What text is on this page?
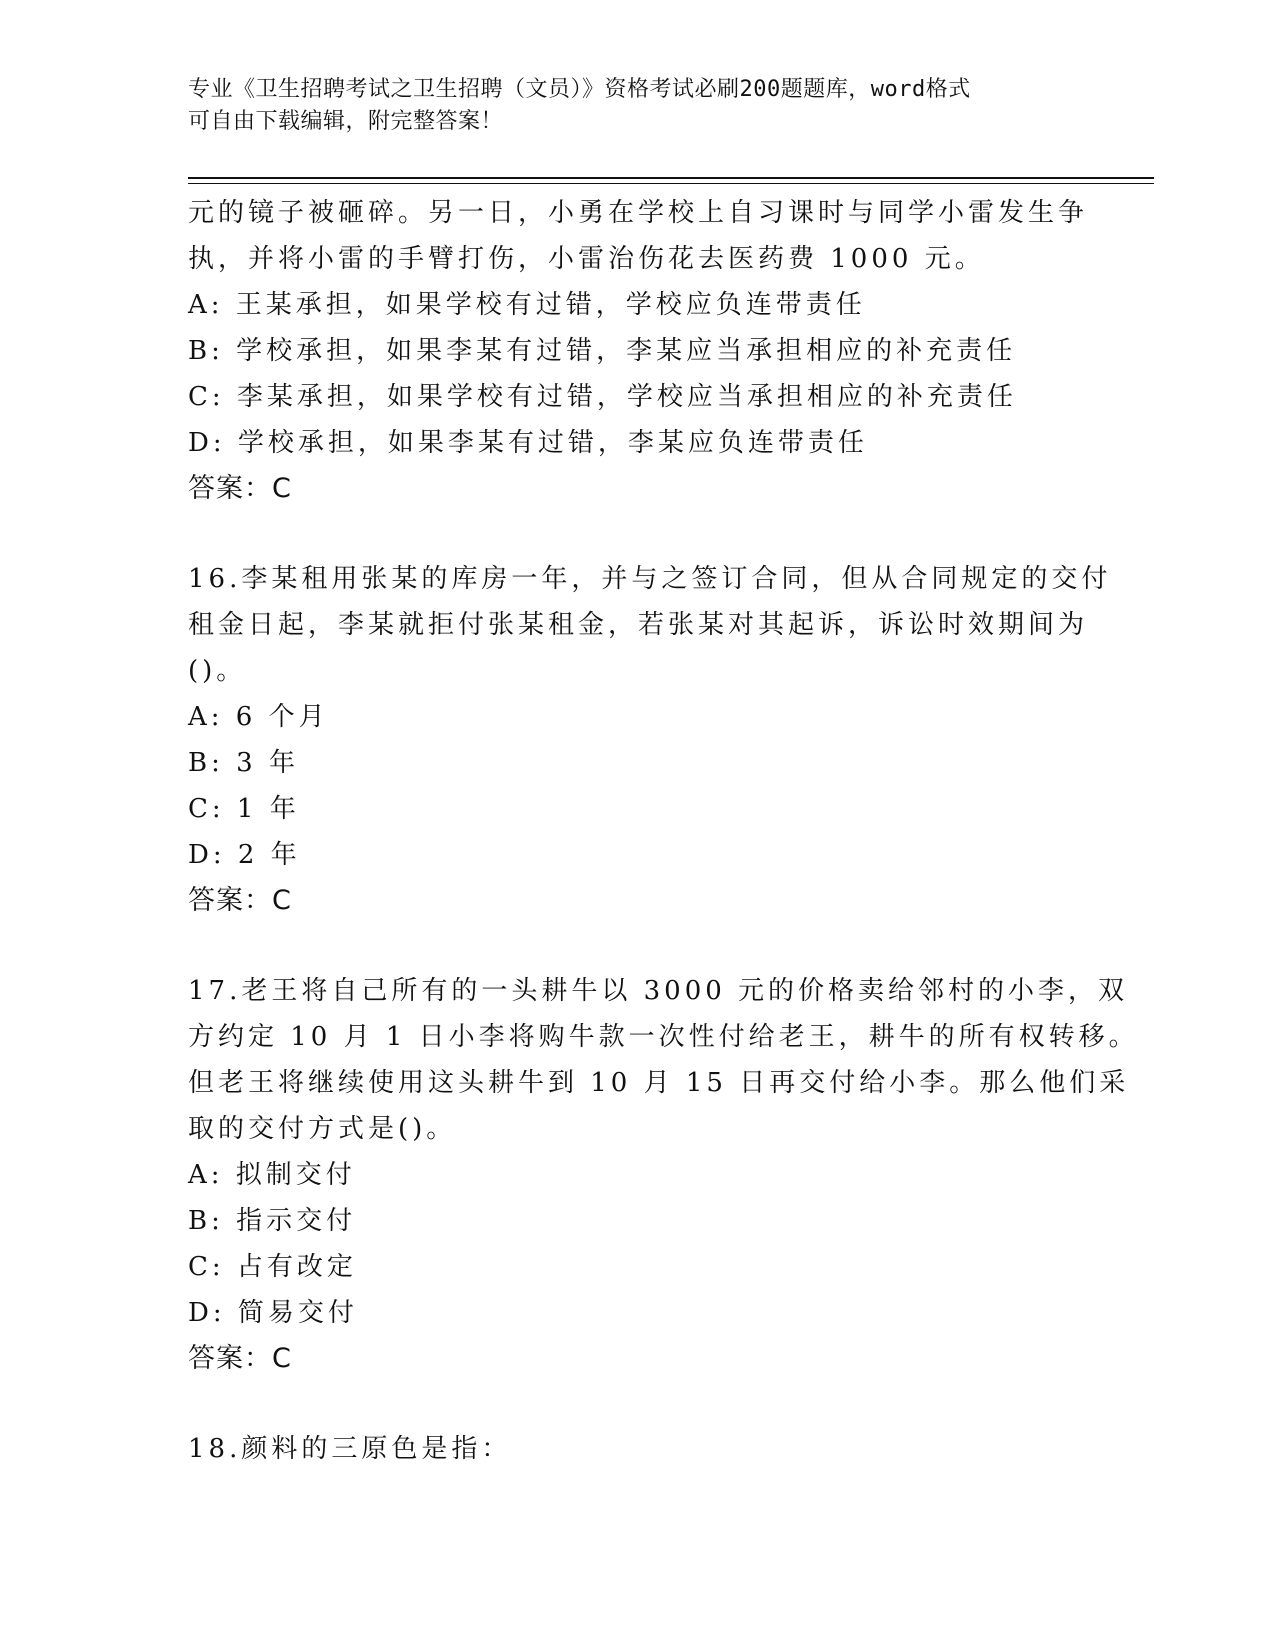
专业《卫生招聘考试之卫生招聘（文员）》资格考试必刷200题题库，word格式
可自由下载编辑，附完整答案！
元的镜子被砸碎。另一日，小勇在学校上自习课时与同学小雷发生争
执，并将小雷的手臂打伤，小雷治伤花去医药费 1000 元。
A: 王某承担，如果学校有过错，学校应负连带责任
B: 学校承担，如果李某有过错，李某应当承担相应的补充责任
C: 李某承担，如果学校有过错，学校应当承担相应的补充责任
D: 学校承担，如果李某有过错，李某应负连带责任
答案：C
16.李某租用张某的库房一年，并与之签订合同，但从合同规定的交付
租金日起，李某就拒付张某租金，若张某对其起诉，诉讼时效期间为
()。
A: 6 个月
B: 3 年
C: 1 年
D: 2 年
答案：C
17.老王将自己所有的一头耕牛以 3000 元的价格卖给邻村的小李，双
方约定 10 月 1 日小李将购牛款一次性付给老王，耕牛的所有权转移。
但老王将继续使用这头耕牛到 10 月 15 日再交付给小李。那么他们采
取的交付方式是()。
A: 拟制交付
B: 指示交付
C: 占有改定
D: 简易交付
答案：C
18.颜料的三原色是指：
